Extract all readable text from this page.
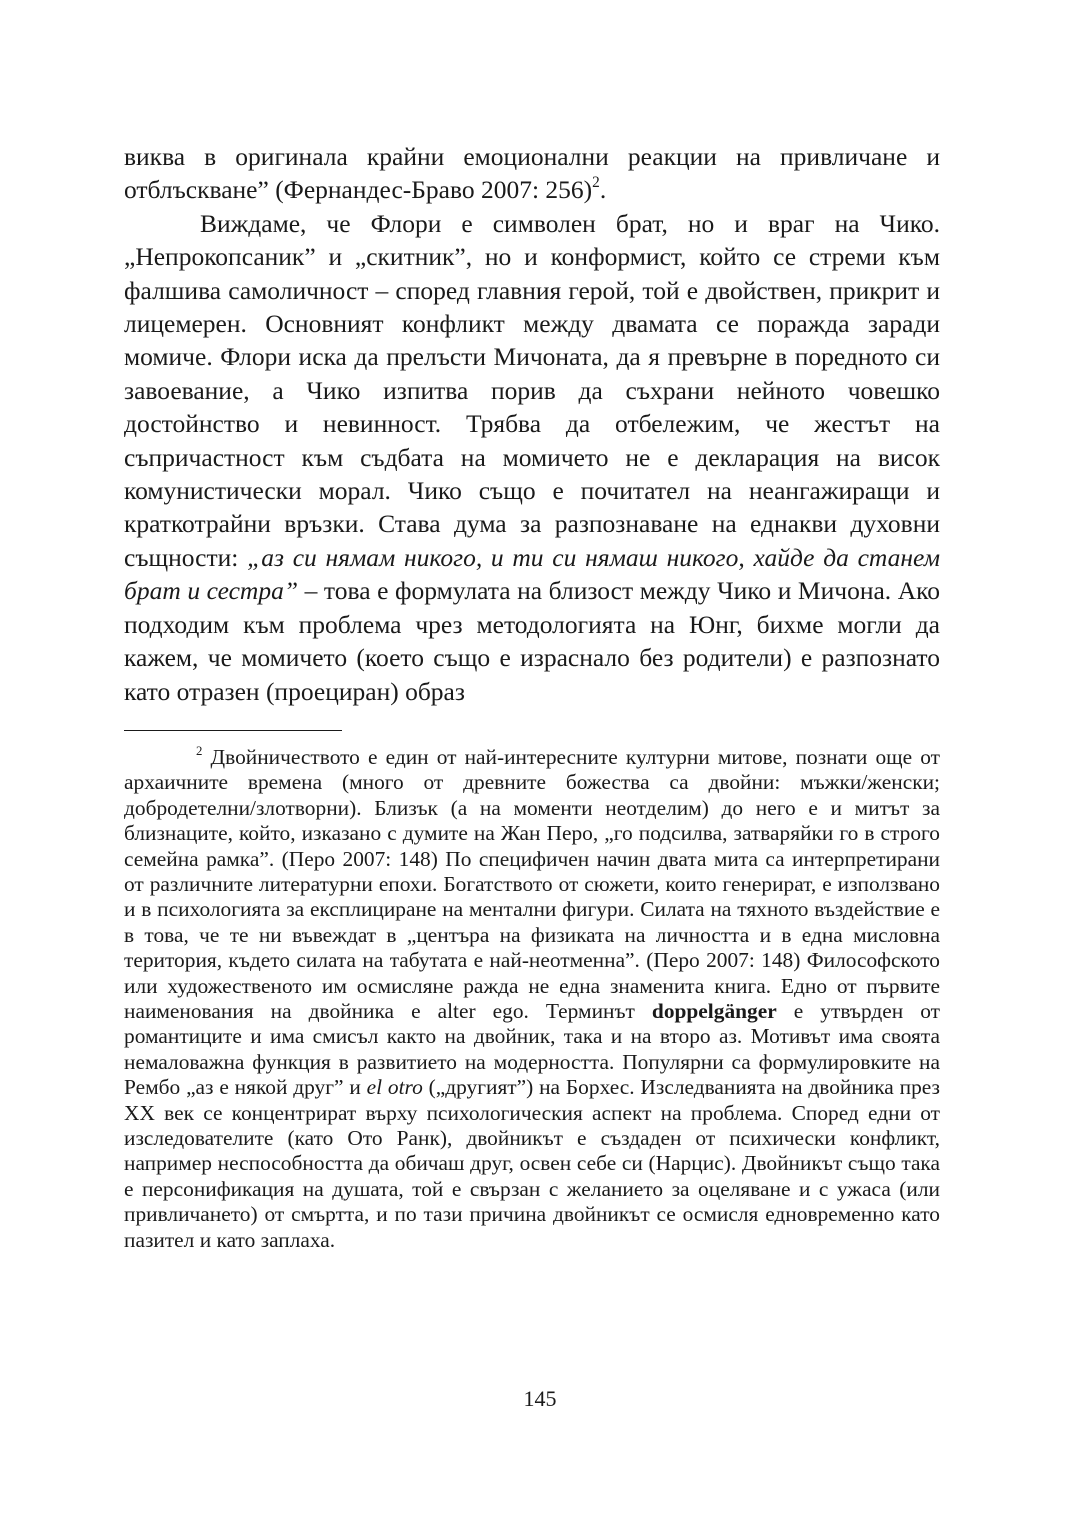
виква в оригинала крайни емоционални реакции на привличане и отблъскване” (Фернандес-Браво 2007: 256)$^2$.

Виждаме, че Флори е символен брат, но и враг на Чико. „Непрокопсаник” и „скитник”, но и конформист, който се стреми към фалшива самоличност – според главния герой, той е двойствен, прикрит и лицемерен. Основният конфликт между двамата се поражда заради момиче. Флори иска да прелъсти Мичоната, да я превърне в поредното си завоевание, а Чико изпитва порив да съхрани нейното човешко достойнство и невинност. Трябва да отбележим, че жестът на съпричастност към съдбата на момичето не е декларация на висок комунистически морал. Чико също е почитател на неангажиращи и краткотрайни връзки. Става дума за разпознаване на еднакви духовни същности: „аз си нямам никого, и ти си нямаш никого, хайде да станем брат и сестра” – това е формулата на близост между Чико и Мичона. Ако подходим към проблема чрез методологията на Юнг, бихме могли да кажем, че момичето (което също е израснало без родители) е разпознато като отразен (проециран) образ

$^2$ Двойничеството е един от най-интересните културни митове, познати още от архаичните времена (много от древните божества са двойни: мъжки/женски; добродетелни/злотворни). Близък (а на моменти неотделим) до него е и митът за близнаците, който, изказано с думите на Жан Перо, „го подсилва, затваряйки го в строго семейна рамка”. (Перо 2007: 148) По специфичен начин двата мита са интерпретирани от различните литературни епохи. Богатството от сюжети, които генерират, е използвано и в психологията за експлициране на ментални фигури. Силата на тяхното въздействие е в това, че те ни въвеждат в „центъра на физиката на личността и в една мисловна територия, където силата на табутата е най-неотменна”. (Перо 2007: 148) Философското или художественото им осмисляне ражда не една знаменита книга. Едно от първите наименования на двойника е alter ego. Терминът doppelgänger е утвърден от романтиците и има смисъл както на двойник, така и на второ аз. Мотивът има своята немаловажна функция в развитието на модерността. Популярни са формулировките на Рембо „аз е някой друг” и el otro („другият”) на Борхес. Изследванията на двойника през XX век се концентрират върху психологическия аспект на проблема. Според едни от изследователите (като Ото Ранк), двойникът е създаден от психически конфликт, например неспособността да обичаш друг, освен себе си (Нарцис). Двойникът също така е персонификация на душата, той е свързан с желанието за оцеляване и с ужаса (или привличането) от смъртта, и по тази причина двойникът се осмисля едновременно като пазител и като заплаха.

145
